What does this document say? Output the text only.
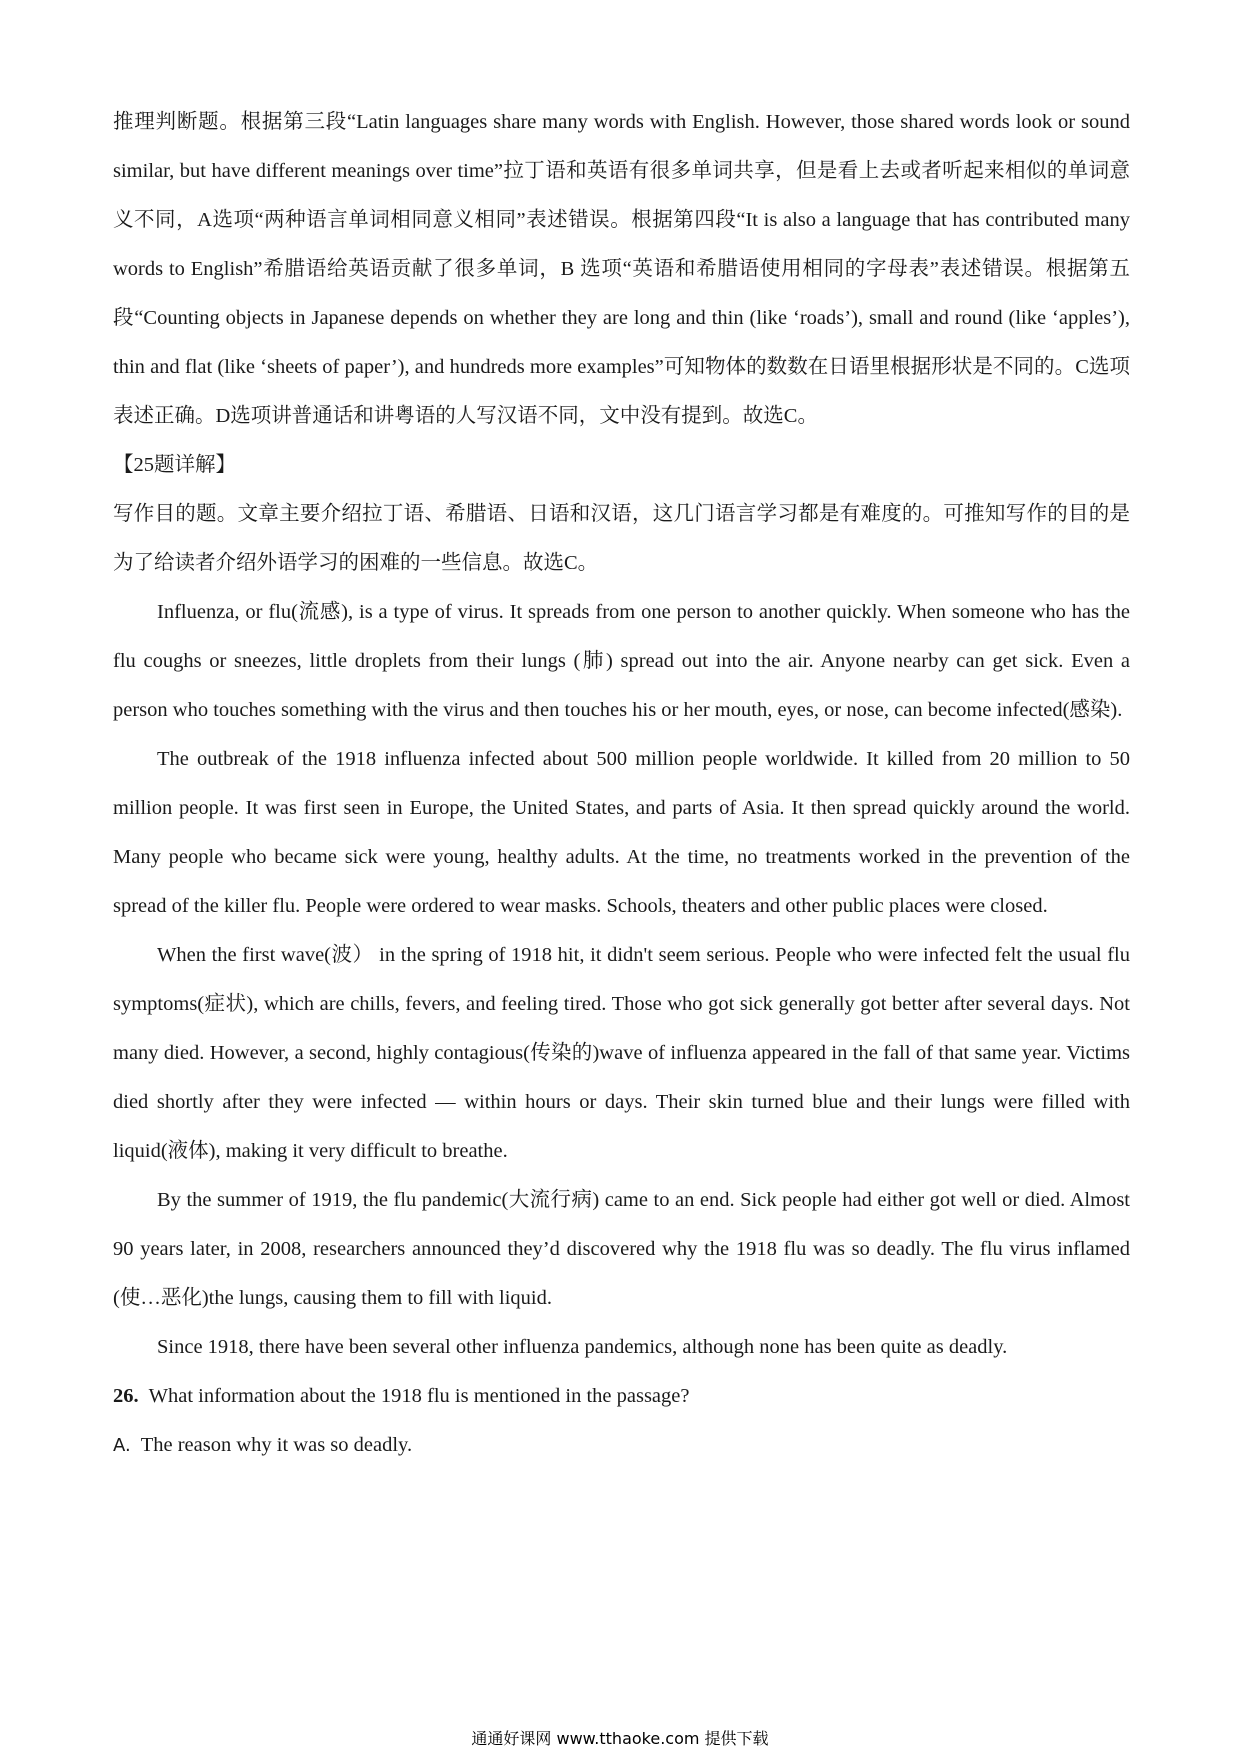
推理判断题。根据第三段“Latin languages share many words with English. However, those shared words look or sound similar, but have different meanings over time”拉丁语和英语有很多单词共享，但是看上去或者听起来相似的单词意义不同，A选项“两种语言单词相同意义相同”表述错误。根据第四段“It is also a language that has contributed many words to English”希腊语给英语贡献了很多单词，B 选项“英语和希腊语使用相同的字母表”表述错误。根据第五段“Counting objects in Japanese depends on whether they are long and thin (like ‘roads’), small and round (like ‘apples’), thin and flat (like ‘sheets of paper’), and hundreds more examples”可知物体的数数在日语里根据形状是不同的。C选项表述正确。D选项讲普通话和讲粤语的人写汉语不同，文中没有提到。故选C。

【25题详解】

写作目的题。文章主要介绍拉丁语、希腊语、日语和汉语，这几门语言学习都是有难度的。可推知写作的目的是为了给读者介绍外语学习的困难的一些信息。故选C。

Influenza, or flu(流感), is a type of virus. It spreads from one person to another quickly. When someone who has the flu coughs or sneezes, little droplets from their lungs (肺) spread out into the air. Anyone nearby can get sick. Even a person who touches something with the virus and then touches his or her mouth, eyes, or nose, can become infected(感染).

The outbreak of the 1918 influenza infected about 500 million people worldwide. It killed from 20 million to 50 million people. It was first seen in Europe, the United States, and parts of Asia. It then spread quickly around the world. Many people who became sick were young, healthy adults. At the time, no treatments worked in the prevention of the spread of the killer flu. People were ordered to wear masks. Schools, theaters and other public places were closed.

When the first wave(波） in the spring of 1918 hit, it didn't seem serious. People who were infected felt the usual flu symptoms(症状), which are chills, fevers, and feeling tired. Those who got sick generally got better after several days. Not many died. However, a second, highly contagious(传染的)wave of influenza appeared in the fall of that same year. Victims died shortly after they were infected — within hours or days. Their skin turned blue and their lungs were filled with liquid(液体), making it very difficult to breathe.

By the summer of 1919, the flu pandemic(大流行病) came to an end. Sick people had either got well or died. Almost 90 years later, in 2008, researchers announced they’d discovered why the 1918 flu was so deadly. The flu virus inflamed (使…恶化)the lungs, causing them to fill with liquid.

Since 1918, there have been several other influenza pandemics, although none has been quite as deadly.

26. What information about the 1918 flu is mentioned in the passage?

A. The reason why it was so deadly.

通通好课网 www.tthaoke.com 提供下载
